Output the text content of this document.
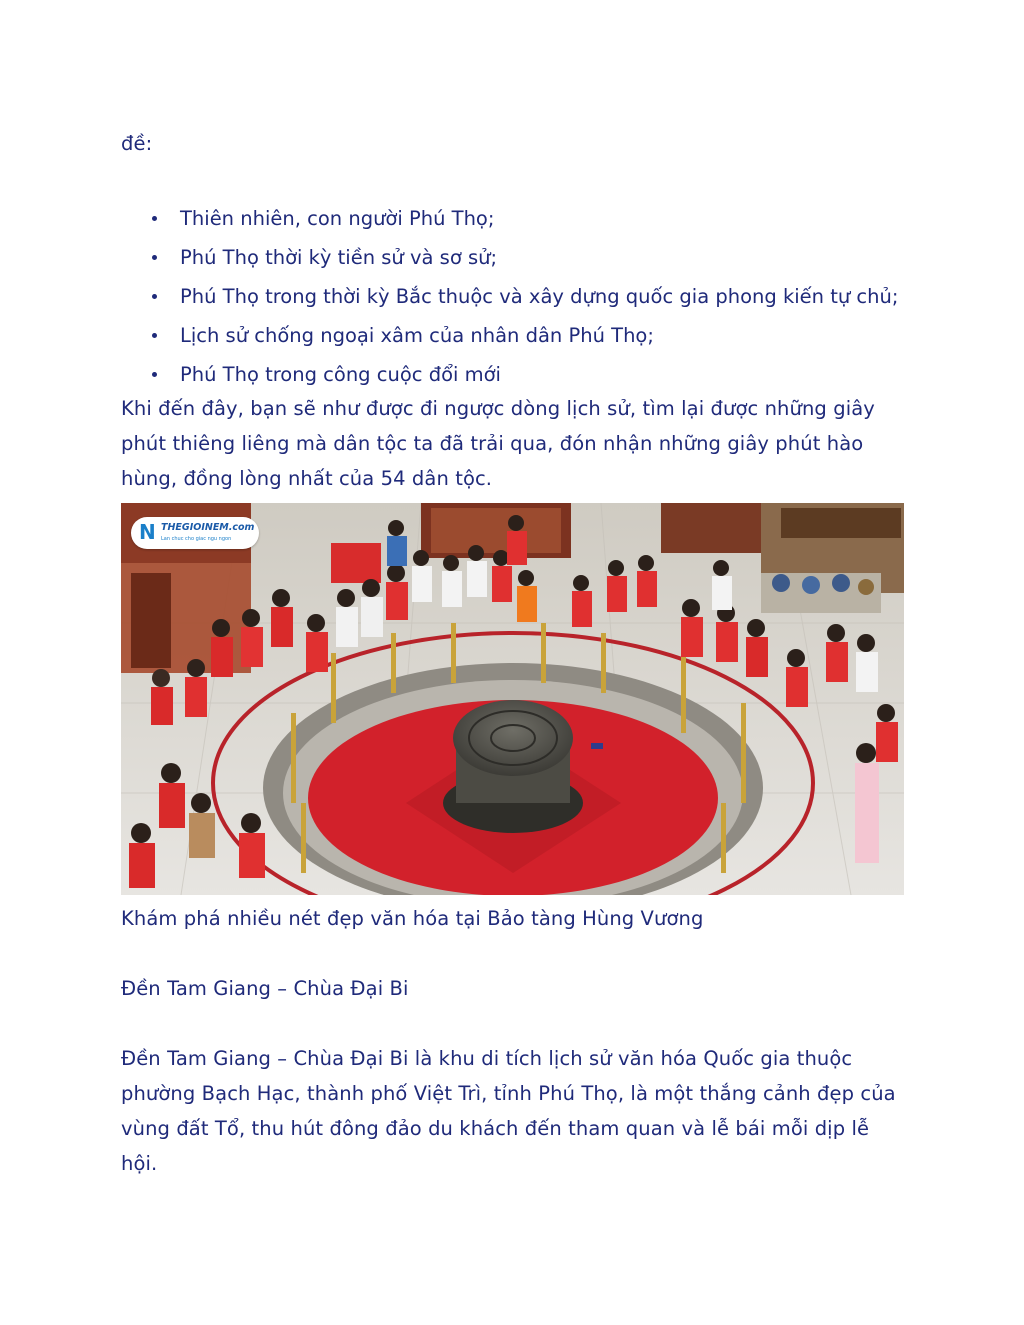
đề:

Thiên nhiên, con người Phú Thọ;
Phú Thọ thời kỳ tiền sử và sơ sử;
Phú Thọ trong thời kỳ Bắc thuộc và xây dựng quốc gia phong kiến tự chủ;
Lịch sử chống ngoại xâm của nhân dân Phú Thọ;
Phú Thọ trong công cuộc đổi mới

Khi đến đây, bạn sẽ như được đi ngược dòng lịch sử, tìm lại được những giây phút thiêng liêng mà dân tộc ta đã trải qua, đón nhận những giây phút hào hùng, đồng lòng nhất của 54 dân tộc.

N THEGIOINEM.com
Lan chuc cho giac ngu ngon

Khám phá nhiều nét đẹp văn hóa tại Bảo tàng Hùng Vương

Đền Tam Giang – Chùa Đại Bi

Đền Tam Giang – Chùa Đại Bi là khu di tích lịch sử văn hóa Quốc gia thuộc phường Bạch Hạc, thành phố Việt Trì, tỉnh Phú Thọ, là một thắng cảnh đẹp của vùng đất Tổ, thu hút đông đảo du khách đến tham quan và lễ bái mỗi dịp lễ hội.
